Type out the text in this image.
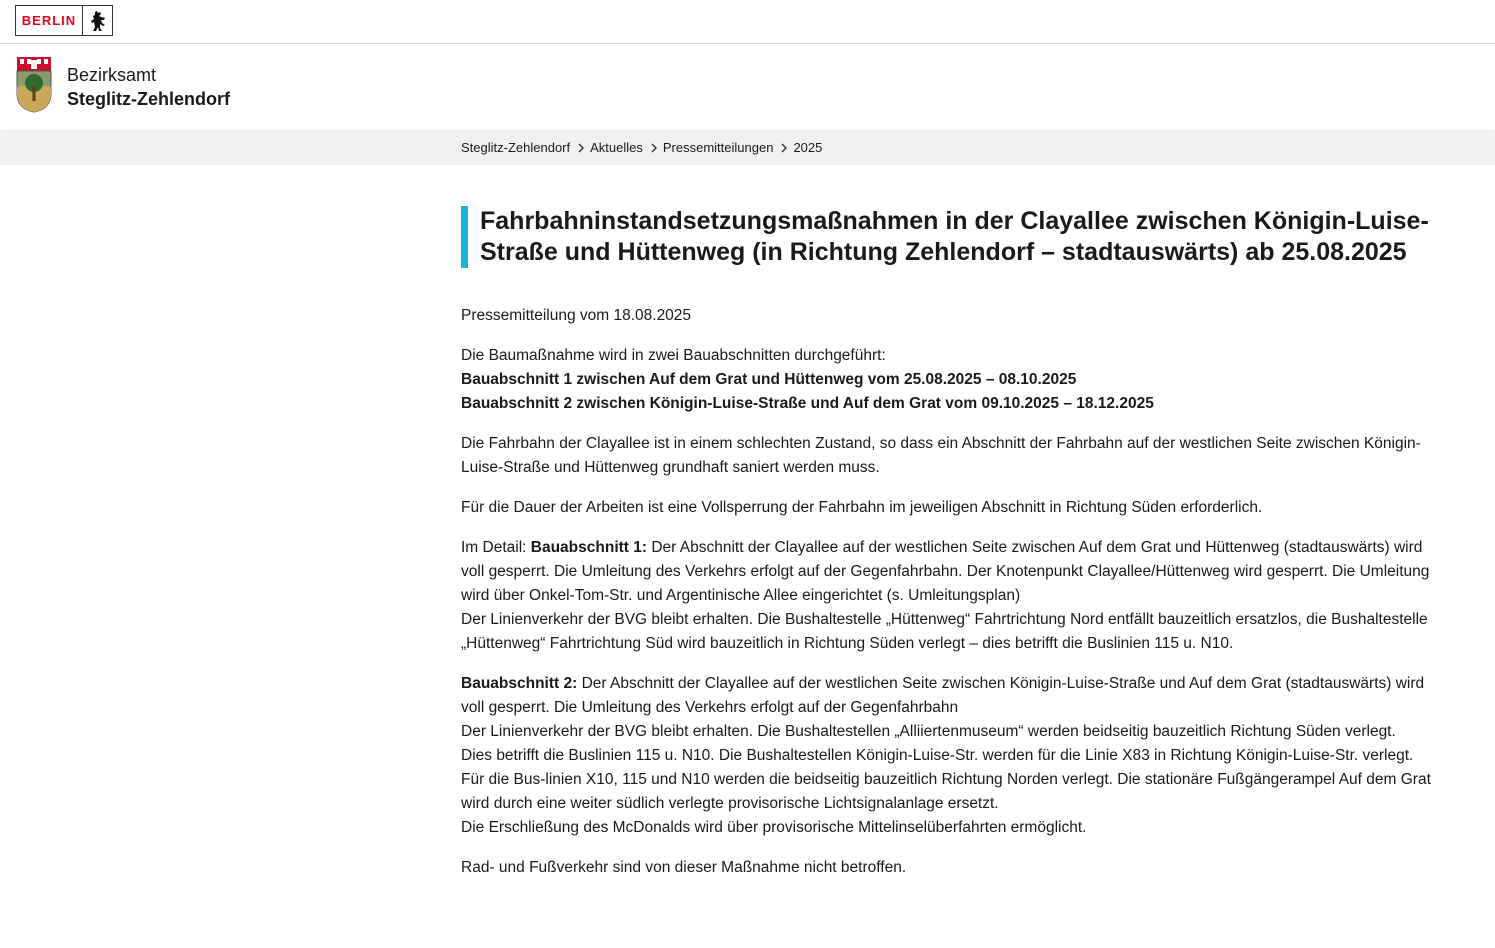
BERLIN
Bezirksamt
Steglitz-Zehlendorf
Steglitz-Zehlendorf Aktuelles Pressemitteilungen 2025
Fahrbahninstandsetzungsmaßnahmen in der Clayallee zwischen Königin-Luise-Straße und Hüttenweg (in Richtung Zehlendorf – stadtauswärts) ab 25.08.2025

Pressemitteilung vom 18.08.2025

Die Baumaßnahme wird in zwei Bauabschnitten durchgeführt:
Bauabschnitt 1 zwischen Auf dem Grat und Hüttenweg vom 25.08.2025 – 08.10.2025
Bauabschnitt 2 zwischen Königin-Luise-Straße und Auf dem Grat vom 09.10.2025 – 18.12.2025

Die Fahrbahn der Clayallee ist in einem schlechten Zustand, so dass ein Abschnitt der Fahrbahn auf der westlichen Seite zwischen Königin-Luise-Straße und Hüttenweg grundhaft saniert werden muss.

Für die Dauer der Arbeiten ist eine Vollsperrung der Fahrbahn im jeweiligen Abschnitt in Richtung Süden erforderlich.

Im Detail: Bauabschnitt 1: Der Abschnitt der Clayallee auf der westlichen Seite zwischen Auf dem Grat und Hüttenweg (stadtauswärts) wird voll gesperrt. Die Umleitung des Verkehrs erfolgt auf der Gegenfahrbahn. Der Knotenpunkt Clayallee/Hüttenweg wird gesperrt. Die Umleitung wird über Onkel-Tom-Str. und Argentinische Allee eingerichtet (s. Umleitungsplan)
Der Linienverkehr der BVG bleibt erhalten. Die Bushaltestelle „Hüttenweg“ Fahrtrichtung Nord entfällt bauzeitlich ersatzlos, die Bushaltestelle „Hüttenweg“ Fahrtrichtung Süd wird bauzeitlich in Richtung Süden verlegt – dies betrifft die Buslinien 115 u. N10.

Bauabschnitt 2: Der Abschnitt der Clayallee auf der westlichen Seite zwischen Königin-Luise-Straße und Auf dem Grat (stadtauswärts) wird voll gesperrt. Die Umleitung des Verkehrs erfolgt auf der Gegenfahrbahn
Der Linienverkehr der BVG bleibt erhalten. Die Bushaltestellen „Alliiertenmuseum“ werden beidseitig bauzeitlich Richtung Süden verlegt. Dies betrifft die Buslinien 115 u. N10. Die Bushaltestellen Königin-Luise-Str. werden für die Linie X83 in Richtung Königin-Luise-Str. verlegt. Für die Bus-linien X10, 115 und N10 werden die beidseitig bauzeitlich Richtung Norden verlegt. Die stationäre Fußgängerampel Auf dem Grat wird durch eine weiter südlich verlegte provisorische Lichtsignalanlage ersetzt.
Die Erschließung des McDonalds wird über provisorische Mittelinselüberfahrten ermöglicht.

Rad- und Fußverkehr sind von dieser Maßnahme nicht betroffen.
